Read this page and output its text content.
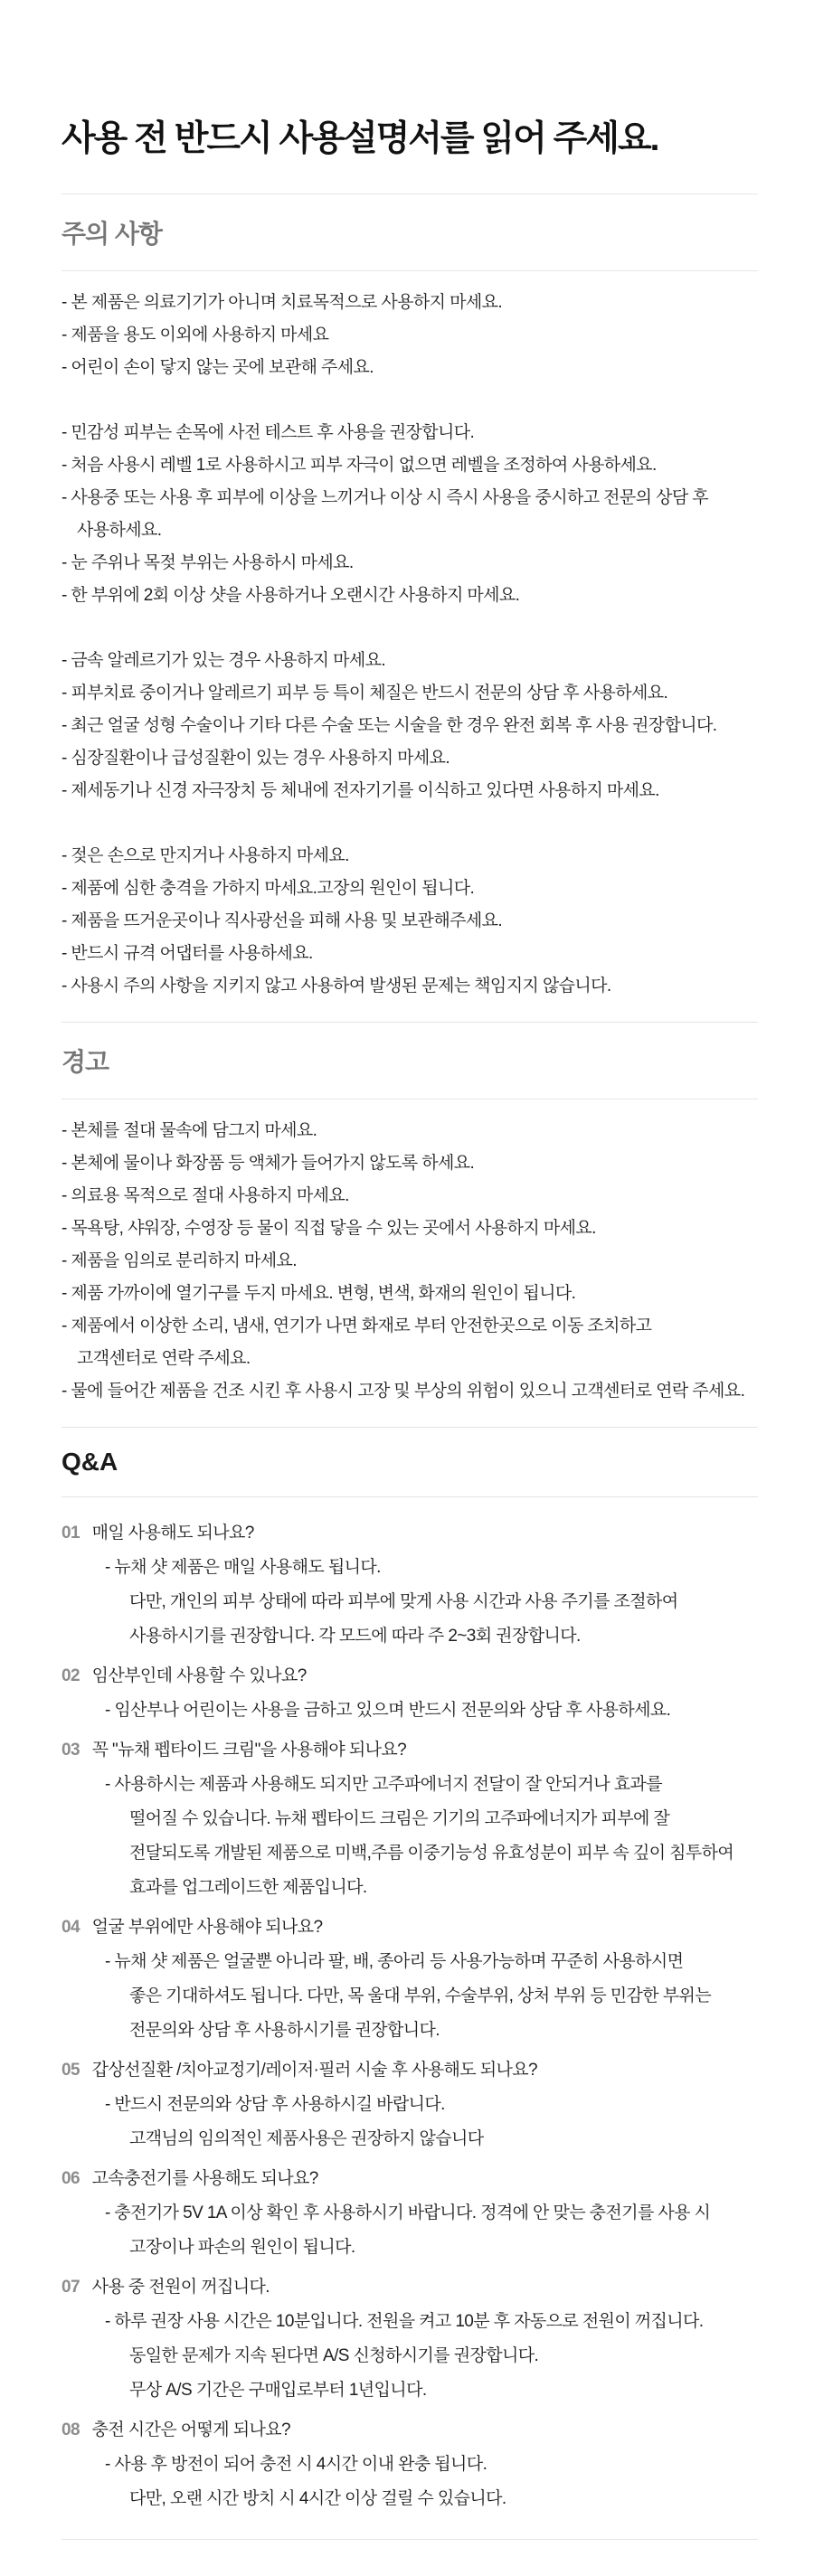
사용 전 반드시 사용설명서를 읽어 주세요.
주의 사항

- 본 제품은 의료기기가 아니며 치료목적으로 사용하지 마세요.

- 제품을 용도 이외에 사용하지 마세요

- 어린이 손이 닿지 않는 곳에 보관해 주세요.

- 민감성 피부는 손목에 사전 테스트 후 사용을 권장합니다.

- 처음 사용시 레벨 1로 사용하시고 피부 자극이 없으면 레벨을 조정하여 사용하세요.

- 사용중 또는 사용 후 피부에 이상을 느끼거나 이상 시 즉시 사용을 중시하고 전문의 상담 후

사용하세요.

- 눈 주위나 목젖 부위는 사용하시 마세요.

- 한 부위에 2회 이상 샷을 사용하거나 오랜시간 사용하지 마세요.

- 금속 알레르기가 있는 경우 사용하지 마세요.

- 피부치료 중이거나 알레르기 피부 등 특이 체질은 반드시 전문의 상담 후 사용하세요.

- 최근 얼굴 성형 수술이나 기타 다른 수술 또는 시술을 한 경우 완전 회복 후 사용 권장합니다.

- 심장질환이나 급성질환이 있는 경우 사용하지 마세요.

- 제세동기나 신경 자극장치 등 체내에 전자기기를 이식하고 있다면 사용하지 마세요.

- 젖은 손으로 만지거나 사용하지 마세요.

- 제품에 심한 충격을 가하지 마세요.고장의 원인이 됩니다.

- 제품을 뜨거운곳이나 직사광선을 피해 사용 및 보관해주세요.

- 반드시 규격 어댑터를 사용하세요.

- 사용시 주의 사항을 지키지 않고 사용하여 발생된 문제는 책임지지 않습니다.

경고

- 본체를 절대 물속에 담그지 마세요.

- 본체에 물이나 화장품 등 액체가 들어가지 않도록 하세요.

- 의료용 목적으로 절대 사용하지 마세요.

- 목욕탕, 샤워장, 수영장 등 물이 직접 닿을 수 있는 곳에서 사용하지 마세요.

- 제품을 임의로 분리하지 마세요.

- 제품 가까이에 열기구를 두지 마세요. 변형, 변색, 화재의 원인이 됩니다.

- 제품에서 이상한 소리, 냄새, 연기가 나면 화재로 부터 안전한곳으로 이동 조치하고

고객센터로 연락 주세요.

- 물에 들어간 제품을 건조 시킨 후 사용시 고장 및 부상의 위험이 있으니 고객센터로 연락 주세요.

Q&A
01 매일 사용해도 되나요?

- 뉴채 샷 제품은 매일 사용해도 됩니다.

다만, 개인의 피부 상태에 따라 피부에 맞게 사용 시간과 사용 주기를 조절하여

사용하시기를 권장합니다. 각 모드에 따라 주 2~3회 권장합니다.

02 임산부인데 사용할 수 있나요?

- 임산부나 어린이는 사용을 금하고 있으며 반드시 전문의와 상담 후 사용하세요.

03 꼭 "뉴채 펩타이드 크림"을 사용해야 되나요?

- 사용하시는 제품과 사용해도 되지만 고주파에너지 전달이 잘 안되거나 효과를

떨어질 수 있습니다. 뉴채 펩타이드 크림은 기기의 고주파에너지가 피부에 잘

전달되도록 개발된 제품으로 미백,주름 이중기능성 유효성분이 피부 속 깊이 침투하여

효과를 업그레이드한 제품입니다.

04 얼굴 부위에만 사용해야 되나요?

- 뉴채 샷 제품은 얼굴뿐 아니라 팔, 배, 종아리 등 사용가능하며 꾸준히 사용하시면

좋은 기대하셔도 됩니다. 다만, 목 울대 부위, 수술부위, 상처 부위 등 민감한 부위는

전문의와 상담 후 사용하시기를 권장합니다.

05 갑상선질환 /치아교정기/레이저·필러 시술 후 사용해도 되나요?

- 반드시 전문의와 상담 후 사용하시길 바랍니다.

고객님의 임의적인 제품사용은 권장하지 않습니다

06 고속충전기를 사용해도 되나요?

- 충전기가 5V 1A 이상 확인 후 사용하시기 바랍니다. 정격에 안 맞는 충전기를 사용 시

고장이나 파손의 원인이 됩니다.

07 사용 중 전원이 꺼집니다.

- 하루 권장 사용 시간은 10분입니다. 전원을 켜고 10분 후 자동으로 전원이 꺼집니다.

동일한 문제가 지속 된다면 A/S 신청하시기를 권장합니다.

무상 A/S 기간은 구매입로부터 1년입니다.

08 충전 시간은 어떻게 되나요?

- 사용 후 방전이 되어 충전 시 4시간 이내 완충 됩니다.

다만, 오랜 시간 방치 시 4시간 이상 걸릴 수 있습니다.
